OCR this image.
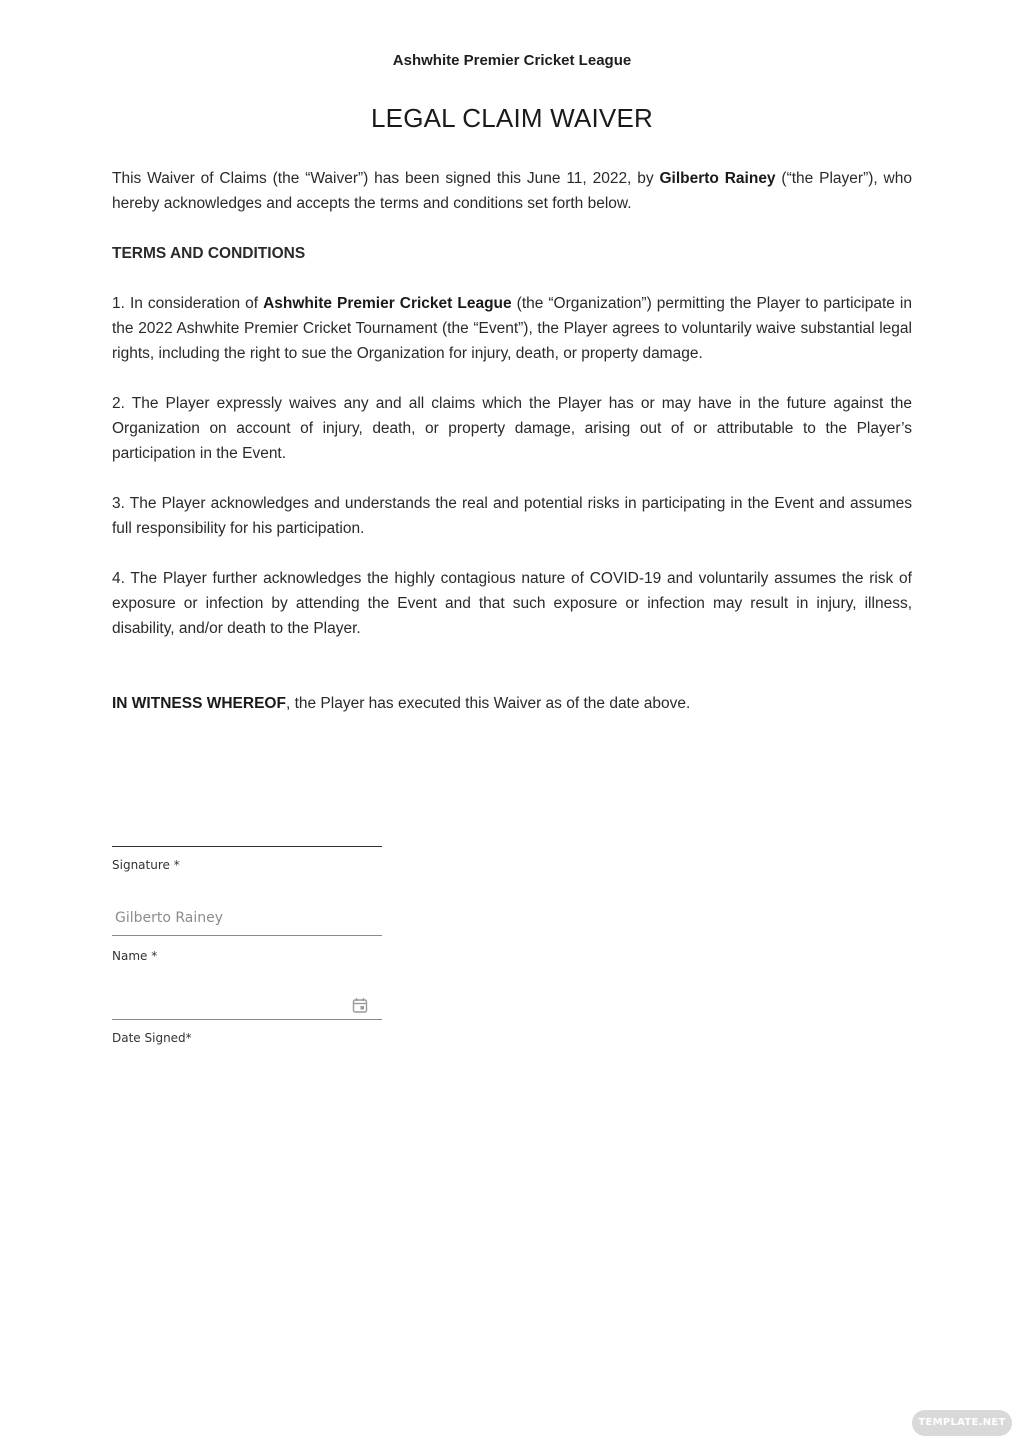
Ashwhite Premier Cricket League
LEGAL CLAIM WAIVER

This Waiver of Claims (the “Waiver”) has been signed this June 11, 2022, by Gilberto Rainey (“the Player”), who hereby acknowledges and accepts the terms and conditions set forth below.

TERMS AND CONDITIONS

1. In consideration of Ashwhite Premier Cricket League (the “Organization”) permitting the Player to participate in the 2022 Ashwhite Premier Cricket Tournament (the “Event”), the Player agrees to voluntarily waive substantial legal rights, including the right to sue the Organization for injury, death, or property damage.

2. The Player expressly waives any and all claims which the Player has or may have in the future against the Organization on account of injury, death, or property damage, arising out of or attributable to the Player’s participation in the Event.

3. The Player acknowledges and understands the real and potential risks in participating in the Event and assumes full responsibility for his participation.

4. The Player further acknowledges the highly contagious nature of COVID-19 and voluntarily assumes the risk of exposure or infection by attending the Event and that such exposure or infection may result in injury, illness, disability, and/or death to the Player.

IN WITNESS WHEREOF, the Player has executed this Waiver as of the date above.

Signature *
Gilberto Rainey
Name *
Date Signed*
TEMPLATE.NET
